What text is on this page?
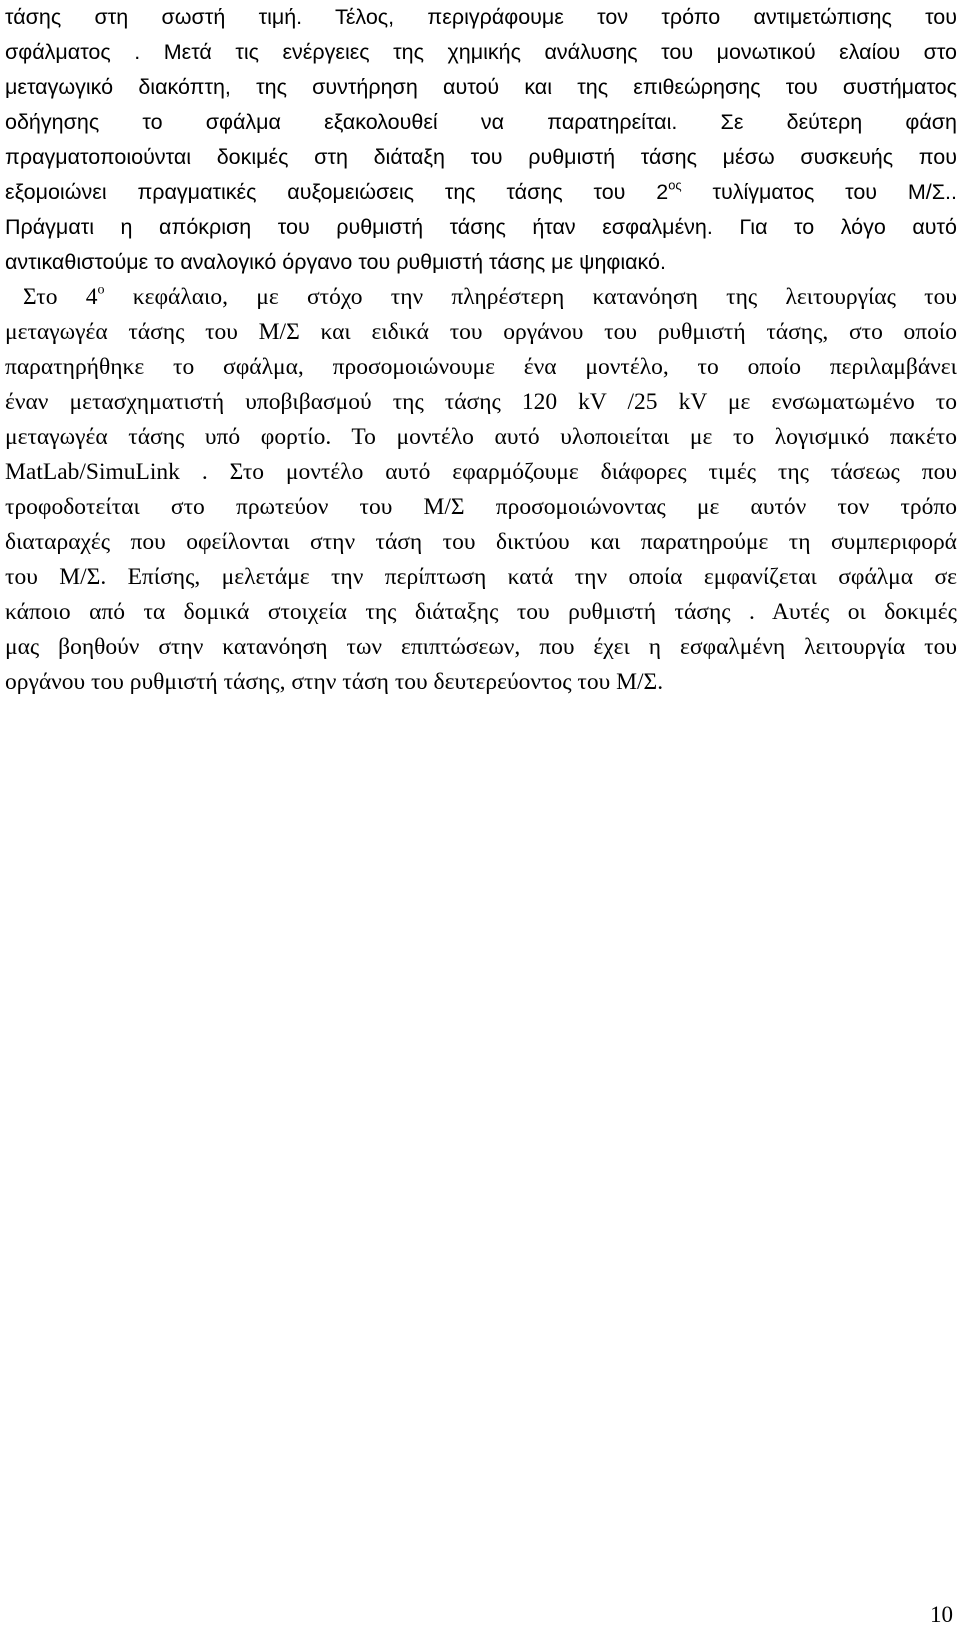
τάσης στη σωστή τιμή. Τέλος, περιγράφουμε τον τρόπο αντιμετώπισης του
σφάλματος . Μετά τις ενέργειες της χημικής ανάλυσης του μονωτικού ελαίου στο
μεταγωγικό διακόπτη, της συντήρηση αυτού και της επιθεώρησης του συστήματος
οδήγησης το σφάλμα εξακολουθεί να παρατηρείται. Σε δεύτερη φάση
πραγματοποιούνται δοκιμές στη διάταξη του ρυθμιστή τάσης μέσω συσκευής που
εξομοιώνει πραγματικές αυξομειώσεις της τάσης του $2^{o\varsigma}$ τυλίγματος του Μ/Σ..
Πράγματι η απόκριση του ρυθμιστή τάσης ήταν εσφαλμένη. Για το λόγο αυτό
αντικαθιστούμε το αναλογικό όργανο του ρυθμιστή τάσης με ψηφιακό.
Στο $4^o$ κεφάλαιο, με στόχο την πληρέστερη κατανόηση της λειτουργίας του
μεταγωγέα τάσης του Μ/Σ και ειδικά του οργάνου του ρυθμιστή τάσης, στο οποίο
παρατηρήθηκε το σφάλμα, προσομοιώνουμε ένα μοντέλο, το οποίο περιλαμβάνει
έναν μετασχηματιστή υποβιβασμού της τάσης 120 kV /25 kV με ενσωματωμένο το
μεταγωγέα τάσης υπό φορτίο. Το μοντέλο αυτό υλοποιείται με το λογισμικό πακέτο
MatLab/SimuLink . Στο μοντέλο αυτό εφαρμόζουμε διάφορες τιμές της τάσεως που
τροφοδοτείται στο πρωτεύον του Μ/Σ προσομοιώνοντας με αυτόν τον τρόπο
διαταραχές που οφείλονται στην τάση του δικτύου και παρατηρούμε τη συμπεριφορά
του Μ/Σ. Επίσης, μελετάμε την περίπτωση κατά την οποία εμφανίζεται σφάλμα σε
κάποιο από τα δομικά στοιχεία της διάταξης του ρυθμιστή τάσης . Αυτές οι δοκιμές
μας βοηθούν στην κατανόηση των επιπτώσεων, που έχει η εσφαλμένη λειτουργία του
οργάνου του ρυθμιστή τάσης, στην τάση του δευτερεύοντος του Μ/Σ.
10
